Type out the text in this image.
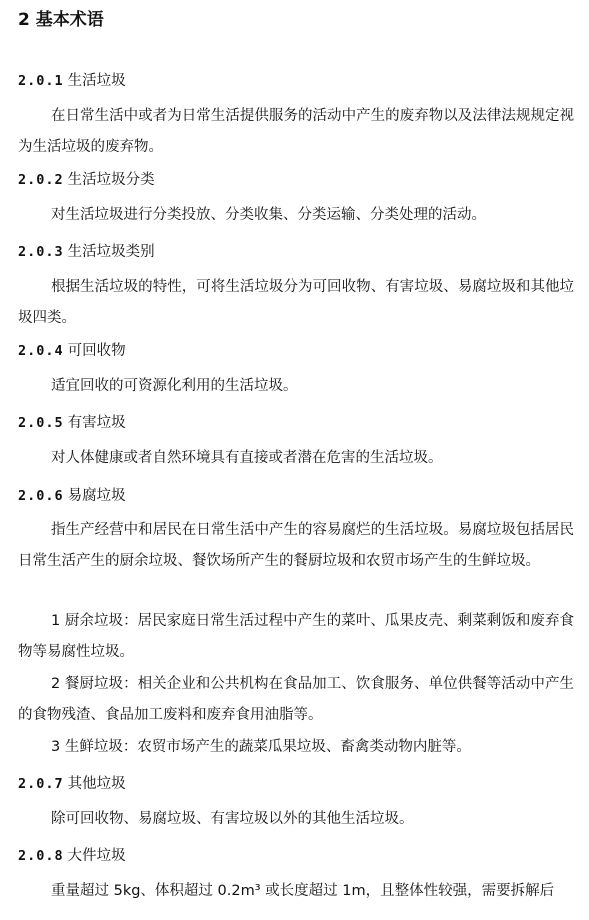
2 基本术语
2.0.1 生活垃圾
在日常生活中或者为日常生活提供服务的活动中产生的废弃物以及法律法规规定视为生活垃圾的废弃物。
2.0.2 生活垃圾分类
对生活垃圾进行分类投放、分类收集、分类运输、分类处理的活动。
2.0.3 生活垃圾类别
根据生活垃圾的特性，可将生活垃圾分为可回收物、有害垃圾、易腐垃圾和其他垃圾四类。
2.0.4 可回收物
适宜回收的可资源化利用的生活垃圾。
2.0.5 有害垃圾
对人体健康或者自然环境具有直接或者潜在危害的生活垃圾。
2.0.6 易腐垃圾
指生产经营中和居民在日常生活中产生的容易腐烂的生活垃圾。易腐垃圾包括居民日常生活产生的厨余垃圾、餐饮场所产生的餐厨垃圾和农贸市场产生的生鲜垃圾。
1 厨余垃圾：居民家庭日常生活过程中产生的菜叶、瓜果皮壳、剩菜剩饭和废弃食物等易腐性垃圾。
2 餐厨垃圾：相关企业和公共机构在食品加工、饮食服务、单位供餐等活动中产生的食物残渣、食品加工废料和废弃食用油脂等。
3 生鲜垃圾：农贸市场产生的蔬菜瓜果垃圾、畜禽类动物内脏等。
2.0.7 其他垃圾
除可回收物、易腐垃圾、有害垃圾以外的其他生活垃圾。
2.0.8 大件垃圾
重量超过 5kg、体积超过 0.2m³ 或长度超过 1m，且整体性较强，需要拆解后
